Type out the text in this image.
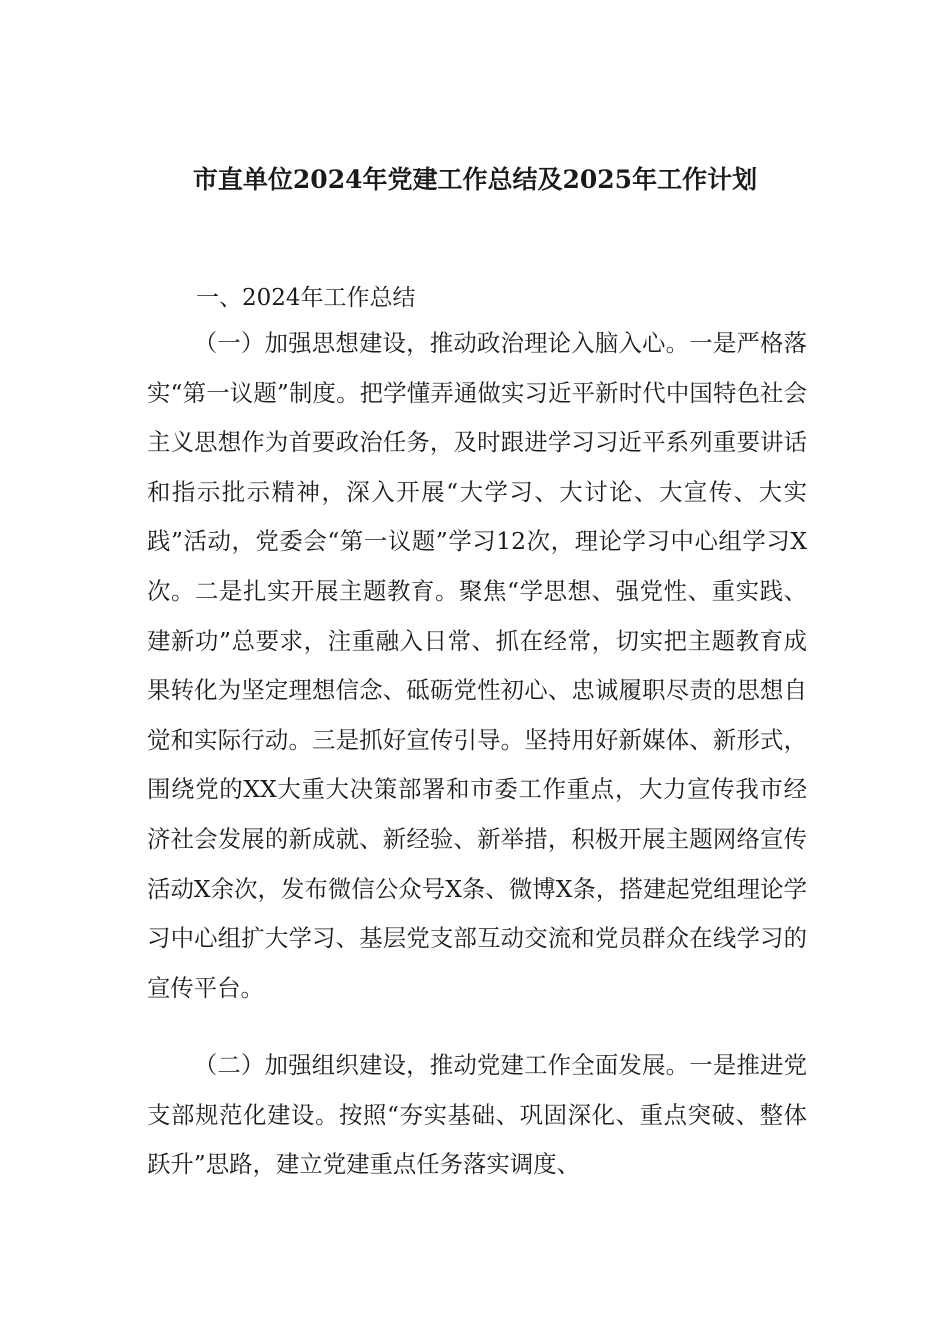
市直单位2024年党建工作总结及2025年工作计划
一、2024年工作总结

（一）加强思想建设，推动政治理论入脑入心。一是严格落实“第一议题”制度。把学懂弄通做实习近平新时代中国特色社会主义思想作为首要政治任务，及时跟进学习习近平系列重要讲话和指示批示精神，深入开展“大学习、大讨论、大宣传、大实践”活动，党委会“第一议题”学习12次，理论学习中心组学习X次。二是扎实开展主题教育。聚焦“学思想、强党性、重实践、建新功”总要求，注重融入日常、抓在经常，切实把主题教育成果转化为坚定理想信念、砥砺党性初心、忠诚履职尽责的思想自觉和实际行动。三是抓好宣传引导。坚持用好新媒体、新形式，围绕党的XX大重大决策部署和市委工作重点，大力宣传我市经济社会发展的新成就、新经验、新举措，积极开展主题网络宣传活动X余次，发布微信公众号X条、微博X条，搭建起党组理论学习中心组扩大学习、基层党支部互动交流和党员群众在线学习的宣传平台。

（二）加强组织建设，推动党建工作全面发展。一是推进党支部规范化建设。按照“夯实基础、巩固深化、重点突破、整体跃升”思路，建立党建重点任务落实调度、
